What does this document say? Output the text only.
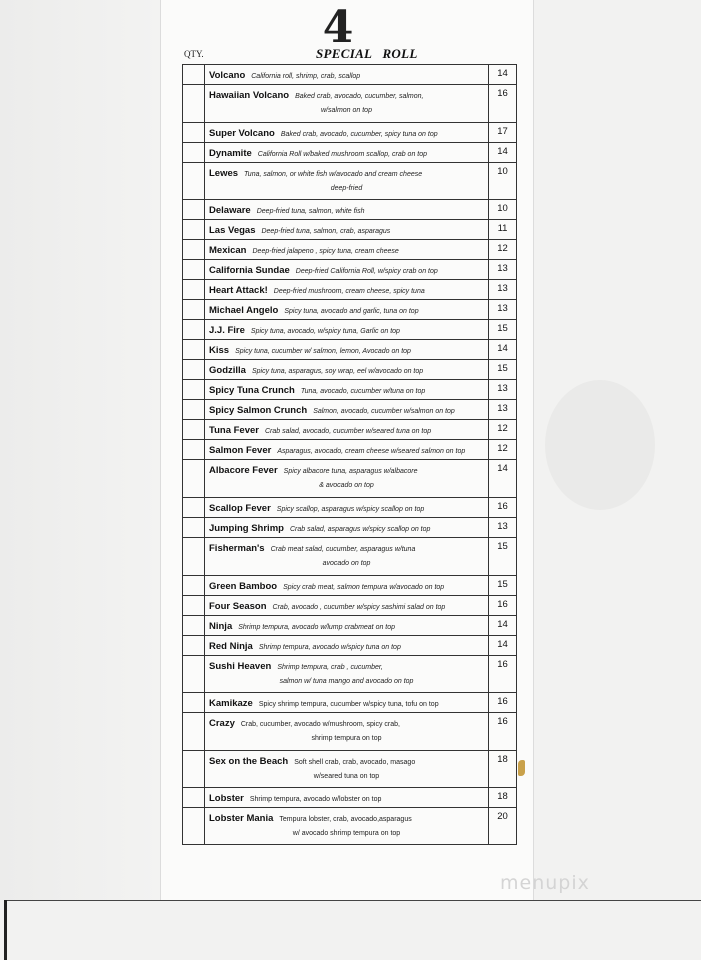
4
QTY.	SPECIAL   ROLL

	Volcano California roll, shrimp, crab, scallop	14

	Hawaiian Volcano Baked crab, avocado, cucumber, salmon,
w/salmon on top	16

	Super Volcano Baked crab, avocado, cucumber, spicy tuna on top	17

	Dynamite California Roll w/baked mushroom scallop, crab on top	14

	Lewes Tuna, salmon, or white fish w/avocado and cream cheese
deep-fried	10

	Delaware Deep-fried tuna, salmon, white fish	10

	Las Vegas Deep-fried tuna, salmon, crab, asparagus	11

	Mexican Deep-fried jalapeno , spicy tuna, cream cheese	12

	California Sundae Deep-fried California Roll, w/spicy crab on top	13

	Heart Attack! Deep-fried mushroom, cream cheese, spicy tuna	13

	Michael Angelo Spicy tuna, avocado and garlic, tuna on top	13

	J.J. Fire Spicy tuna, avocado, w/spicy tuna, Garlic on top	15

	Kiss Spicy tuna, cucumber w/ salmon, lemon, Avocado on top	14

	Godzilla Spicy tuna, asparagus, soy wrap, eel w/avocado on top	15

	Spicy Tuna Crunch Tuna, avocado, cucumber w/tuna on top	13

	Spicy Salmon Crunch Salmon, avocado, cucumber w/salmon on top	13

	Tuna Fever Crab salad, avocado, cucumber w/seared tuna on top	12

	Salmon Fever Asparagus, avocado, cream cheese w/seared salmon on top	12

	Albacore Fever Spicy albacore tuna, asparagus w/albacore
& avocado on top	14

	Scallop Fever Spicy scallop, asparagus w/spicy scallop on top	16

	Jumping Shrimp Crab salad, asparagus w/spicy scallop on top	13

	Fisherman's Crab meat salad, cucumber, asparagus w/tuna
avocado on top	15

	Green Bamboo Spicy crab meat, salmon tempura w/avocado on top	15

	Four Season Crab, avocado , cucumber w/spicy sashimi salad on top	16

	Ninja Shrimp tempura, avocado w/lump crabmeat on top	14

	Red Ninja Shrimp tempura, avocado w/spicy tuna on top	14

	Sushi Heaven Shrimp tempura, crab , cucumber,
salmon w/ tuna mango and avocado on top	16

	Kamikaze Spicy shrimp tempura, cucumber w/spicy tuna, tofu on top	16

	Crazy Crab, cucumber, avocado w/mushroom, spicy crab,
shrimp tempura on top	16

	Sex on the Beach Soft shell crab, crab, avocado, masago
w/seared tuna on top	18

	Lobster Shrimp tempura, avocado w/lobster on top	18

	Lobster Mania Tempura lobster, crab, avocado,asparagus
w/ avocado shrimp tempura on top	20
menupix
